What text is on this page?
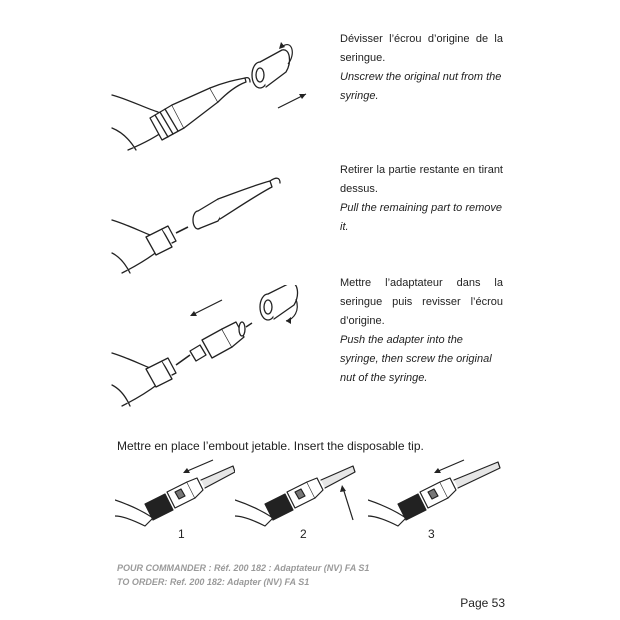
Dévisser l’écrou d’origine de la seringue.
Unscrew the original nut from the syringe.
Retirer la partie restante en tirant dessus.
Pull the remaining part to remove it.
Mettre l’adaptateur dans la seringue puis revisser l’écrou d’origine.
Push the adapter into the syringe, then screw the original nut of the syringe.
Mettre en place l’embout jetable. Insert the disposable tip.
1	2	3
POUR COMMANDER : Réf. 200 182 : Adaptateur (NV) FA S1
TO ORDER: Ref. 200 182: Adapter (NV) FA S1
Page 53
